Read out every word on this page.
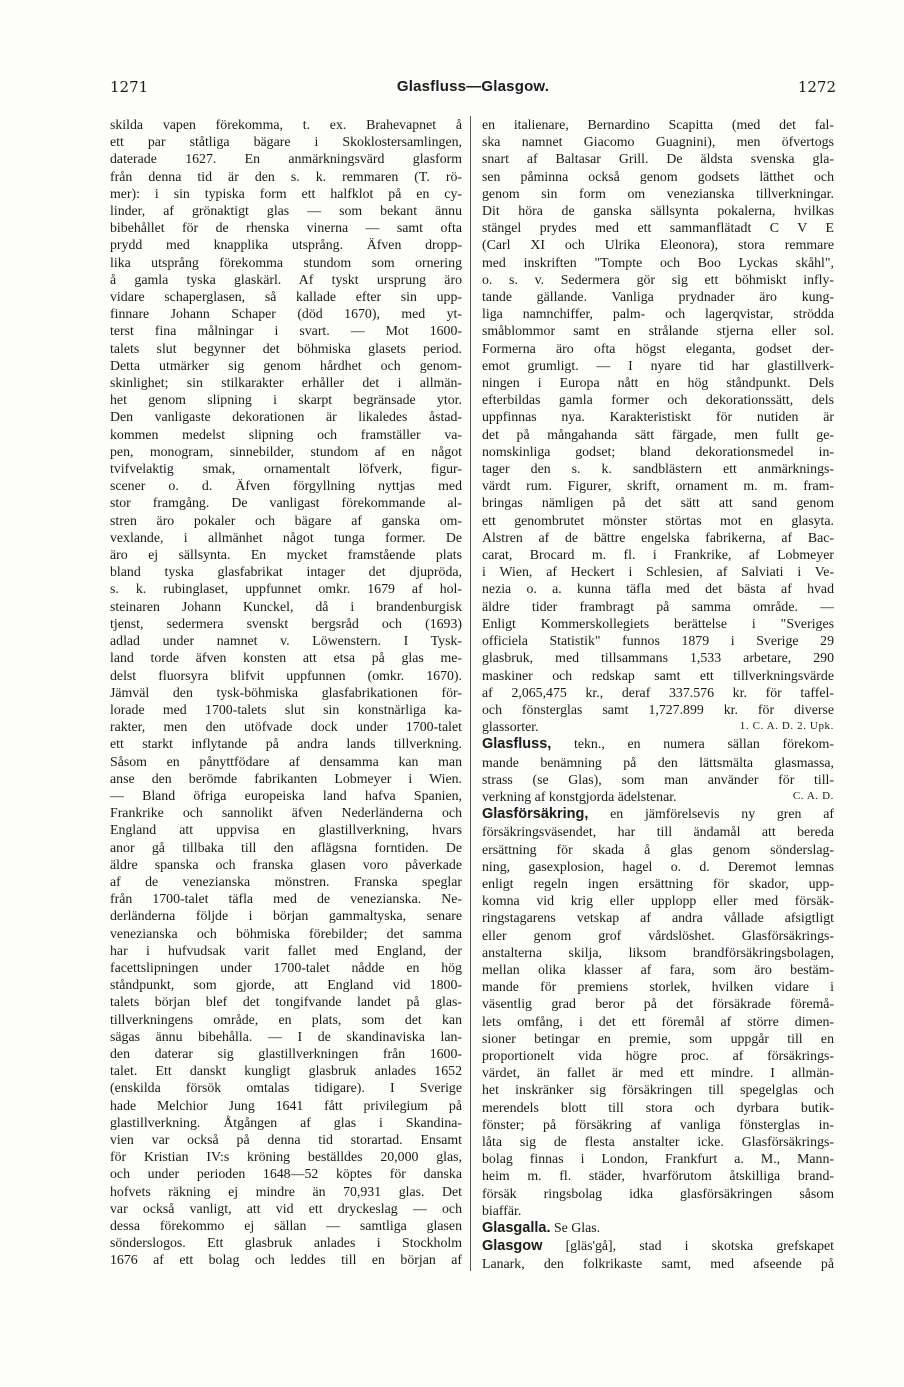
1271	Glasfluss—Glasgow.	1272
skilda vapen förekomma, t. ex. Brahevapnet å
ett par ståtliga bägare i Skoklostersamlingen,
daterade 1627. En anmärkningsvärd glasform
från denna tid är den s. k. remmaren (T. rö-
mer): i sin typiska form ett halfklot på en cy-
linder, af grönaktigt glas — som bekant ännu
bibehållet för de rhenska vinerna — samt ofta
prydd med knapplika utsprång. Äfven dropp-
lika utsprång förekomma stundom som ornering
å gamla tyska glaskärl. Af tyskt ursprung äro
vidare schaperglasen, så kallade efter sin upp-
finnare Johann Schaper (död 1670), med yt-
terst fina målningar i svart. — Mot 1600-
talets slut begynner det böhmiska glasets period.
Detta utmärker sig genom hårdhet och genom-
skinlighet; sin stilkarakter erhåller det i allmän-
het genom slipning i skarpt begränsade ytor.
Den vanligaste dekorationen är likaledes åstad-
kommen medelst slipning och framställer va-
pen, monogram, sinnebilder, stundom af en något
tvifvelaktig smak, ornamentalt löfverk, figur-
scener o. d. Äfven förgyllning nyttjas med
stor framgång. De vanligast förekommande al-
stren äro pokaler och bägare af ganska om-
vexlande, i allmänhet något tunga former. De
äro ej sällsynta. En mycket framstående plats
bland tyska glasfabrikat intager det djupröda,
s. k. rubinglaset, uppfunnet omkr. 1679 af hol-
steinaren Johann Kunckel, då i brandenburgisk
tjenst, sedermera svenskt bergsråd och (1693)
adlad under namnet v. Löwenstern. I Tysk-
land torde äfven konsten att etsa på glas me-
delst fluorsyra blifvit uppfunnen (omkr. 1670).
Jämväl den tysk-böhmiska glasfabrikationen för-
lorade med 1700-talets slut sin konstnärliga ka-
rakter, men den utöfvade dock under 1700-talet
ett starkt inflytande på andra lands tillverkning.
Såsom en pånyttfödare af densamma kan man
anse den berömde fabrikanten Lobmeyer i Wien.
— Bland öfriga europeiska land hafva Spanien,
Frankrike och sannolikt äfven Nederländerna och
England att uppvisa en glastillverkning, hvars
anor gå tillbaka till den aflägsna forntiden. De
äldre spanska och franska glasen voro påverkade
af de venezianska mönstren. Franska speglar
från 1700-talet täfla med de venezianska. Ne-
derländerna följde i början gammaltyska, senare
venezianska och böhmiska förebilder; det samma
har i hufvudsak varit fallet med England, der
facettslipningen under 1700-talet nådde en hög
ståndpunkt, som gjorde, att England vid 1800-
talets början blef det tongifvande landet på glas-
tillverkningens område, en plats, som det kan
sägas ännu bibehålla. — I de skandinaviska lan-
den daterar sig glastillverkningen från 1600-
talet. Ett danskt kungligt glasbruk anlades 1652
(enskilda försök omtalas tidigare). I Sverige
hade Melchior Jung 1641 fått privilegium på
glastillverkning. Åtgången af glas i Skandina-
vien var också på denna tid storartad. Ensamt
för Kristian IV:s kröning beställdes 20,000 glas,
och under perioden 1648—52 köptes för danska
hofvets räkning ej mindre än 70,931 glas. Det
var också vanligt, att vid ett dryckeslag — och
dessa förekommo ej sällan — samtliga glasen
sönderslogos. Ett glasbruk anlades i Stockholm
1676 af ett bolag och leddes till en början af
en italienare, Bernardino Scapitta (med det fal-
ska namnet Giacomo Guagnini), men öfvertogs
snart af Baltasar Grill. De äldsta svenska gla-
sen påminna också genom godsets lätthet och
genom sin form om venezianska tillverkningar.
Dit höra de ganska sällsynta pokalerna, hvilkas
stängel prydes med ett sammanflätadt C V E
(Carl XI och Ulrika Eleonora), stora remmare
med inskriften "Tompte och Boo Lyckas skåhl",
o. s. v. Sedermera gör sig ett böhmiskt infly-
tande gällande. Vanliga prydnader äro kung-
liga namnchiffer, palm- och lagerqvistar, strödda
småblommor samt en strålande stjerna eller sol.
Formerna äro ofta högst eleganta, godset der-
emot grumligt. — I nyare tid har glastillverk-
ningen i Europa nått en hög ståndpunkt. Dels
efterbildas gamla former och dekorationssätt, dels
uppfinnas nya. Karakteristiskt för nutiden är
det på mångahanda sätt färgade, men fullt ge-
nomskinliga godset; bland dekorationsmedel in-
tager den s. k. sandblästern ett anmärknings-
värdt rum. Figurer, skrift, ornament m. m. fram-
bringas nämligen på det sätt att sand genom
ett genombrutet mönster störtas mot en glasyta.
Alstren af de bättre engelska fabrikerna, af Bac-
carat, Brocard m. fl. i Frankrike, af Lobmeyer
i Wien, af Heckert i Schlesien, af Salviati i Ve-
nezia o. a. kunna täfla med det bästa af hvad
äldre tider frambragt på samma område. —
Enligt Kommerskollegiets berättelse i "Sveriges
officiela Statistik" funnos 1879 i Sverige 29
glasbruk, med tillsammans 1,533 arbetare, 290
maskiner och redskap samt ett tillverkningsvärde
af 2,065,475 kr., deraf 337.576 kr. för taffel-
och fönsterglas samt 1,727.899 kr. för diverse
glassorter.	1. C. A. D. 2. Upk.
Glasfluss, tekn., en numera sällan förekom-
mande benämning på den lättsmälta glasmassa,
strass (se Glas), som man använder för till-
verkning af konstgjorda ädelstenar.	C. A. D.
Glasförsäkring, en jämförelsevis ny gren af
försäkringsväsendet, har till ändamål att bereda
ersättning för skada å glas genom sönderslag-
ning, gasexplosion, hagel o. d. Deremot lemnas
enligt regeln ingen ersättning för skador, upp-
komna vid krig eller upplopp eller med försäk-
ringstagarens vetskap af andra vållade afsigtligt
eller genom grof vårdslöshet. Glasförsäkrings-
anstalterna skilja, liksom brandförsäkringsbolagen,
mellan olika klasser af fara, som äro bestäm-
mande för premiens storlek, hvilken vidare i
väsentlig grad beror på det försäkrade föremå-
lets omfång, i det ett föremål af större dimen-
sioner betingar en premie, som uppgår till en
proportionelt vida högre proc. af försäkrings-
värdet, än fallet är med ett mindre. I allmän-
het inskränker sig försäkringen till spegelglas och
merendels blott till stora och dyrbara butik-
fönster; på försäkring af vanliga fönsterglas in-
låta sig de flesta anstalter icke. Glasförsäkrings-
bolag finnas i London, Frankfurt a. M., Mann-
heim m. fl. städer, hvarförutom åtskilliga brand-
försäk ringsbolag idka glasförsäkringen såsom
biaffär.
Glasgalla. Se Glas.
Glasgow [gläs'gå], stad i skotska grefskapet
Lanark, den folkrikaste samt, med afseende på
